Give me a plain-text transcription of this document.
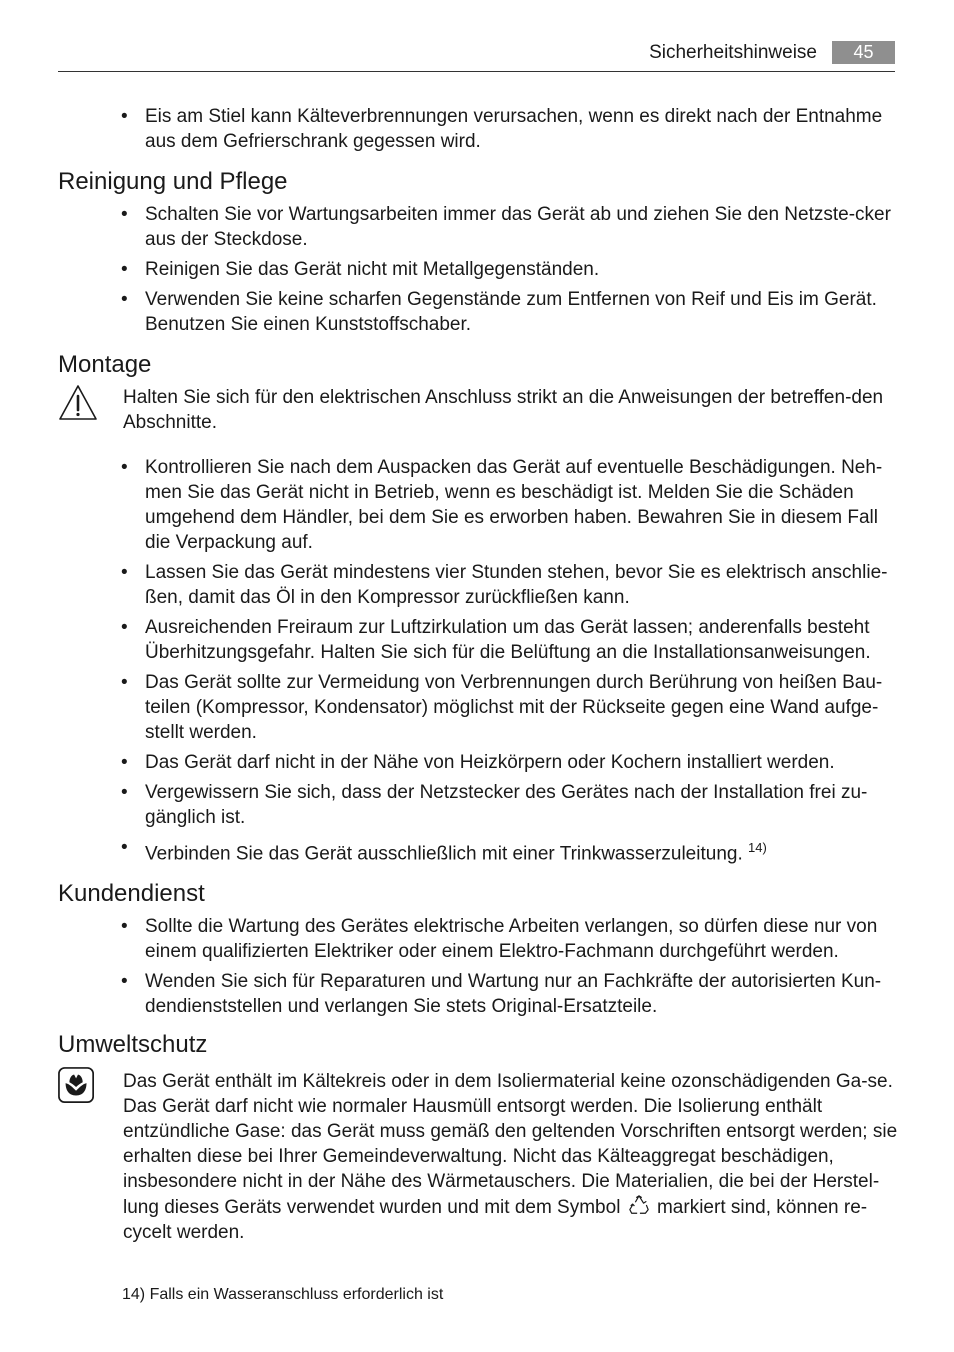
Sicherheitshinweise	45
• Eis am Stiel kann Kälteverbrennungen verursachen, wenn es direkt nach der Entnahme aus dem Gefrierschrank gegessen wird.
Reinigung und Pflege
• Schalten Sie vor Wartungsarbeiten immer das Gerät ab und ziehen Sie den Netzste-cker aus der Steckdose.
• Reinigen Sie das Gerät nicht mit Metallgegenständen.
• Verwenden Sie keine scharfen Gegenstände zum Entfernen von Reif und Eis im Gerät. Benutzen Sie einen Kunststoffschaber.
Montage
Halten Sie sich für den elektrischen Anschluss strikt an die Anweisungen der betreffen-den Abschnitte.
• Kontrollieren Sie nach dem Auspacken das Gerät auf eventuelle Beschädigungen. Neh-men Sie das Gerät nicht in Betrieb, wenn es beschädigt ist. Melden Sie die Schäden umgehend dem Händler, bei dem Sie es erworben haben. Bewahren Sie in diesem Fall die Verpackung auf.
• Lassen Sie das Gerät mindestens vier Stunden stehen, bevor Sie es elektrisch anschlie-ßen, damit das Öl in den Kompressor zurückfließen kann.
• Ausreichenden Freiraum zur Luftzirkulation um das Gerät lassen; anderenfalls besteht Überhitzungsgefahr. Halten Sie sich für die Belüftung an die Installationsanweisungen.
• Das Gerät sollte zur Vermeidung von Verbrennungen durch Berührung von heißen Bau-teilen (Kompressor, Kondensator) möglichst mit der Rückseite gegen eine Wand aufge-stellt werden.
• Das Gerät darf nicht in der Nähe von Heizkörpern oder Kochern installiert werden.
• Vergewissern Sie sich, dass der Netzstecker des Gerätes nach der Installation frei zu-gänglich ist.
• Verbinden Sie das Gerät ausschließlich mit einer Trinkwasserzuleitung. $^{14)}$
Kundendienst
• Sollte die Wartung des Gerätes elektrische Arbeiten verlangen, so dürfen diese nur von einem qualifizierten Elektriker oder einem Elektro-Fachmann durchgeführt werden.
• Wenden Sie sich für Reparaturen und Wartung nur an Fachkräfte der autorisierten Kun-dendienststellen und verlangen Sie stets Original-Ersatzteile.
Umweltschutz
Das Gerät enthält im Kältekreis oder in dem Isoliermaterial keine ozonschädigenden Ga-se. Das Gerät darf nicht wie normaler Hausmüll entsorgt werden. Die Isolierung enthält entzündliche Gase: das Gerät muss gemäß den geltenden Vorschriften entsorgt werden; sie erhalten diese bei Ihrer Gemeindeverwaltung. Nicht das Kälteaggregat beschädigen, insbesondere nicht in der Nähe des Wärmetauschers. Die Materialien, die bei der Herstel-lung dieses Geräts verwendet wurden und mit dem Symbol markiert sind, können re-cycelt werden.
14) Falls ein Wasseranschluss erforderlich ist
